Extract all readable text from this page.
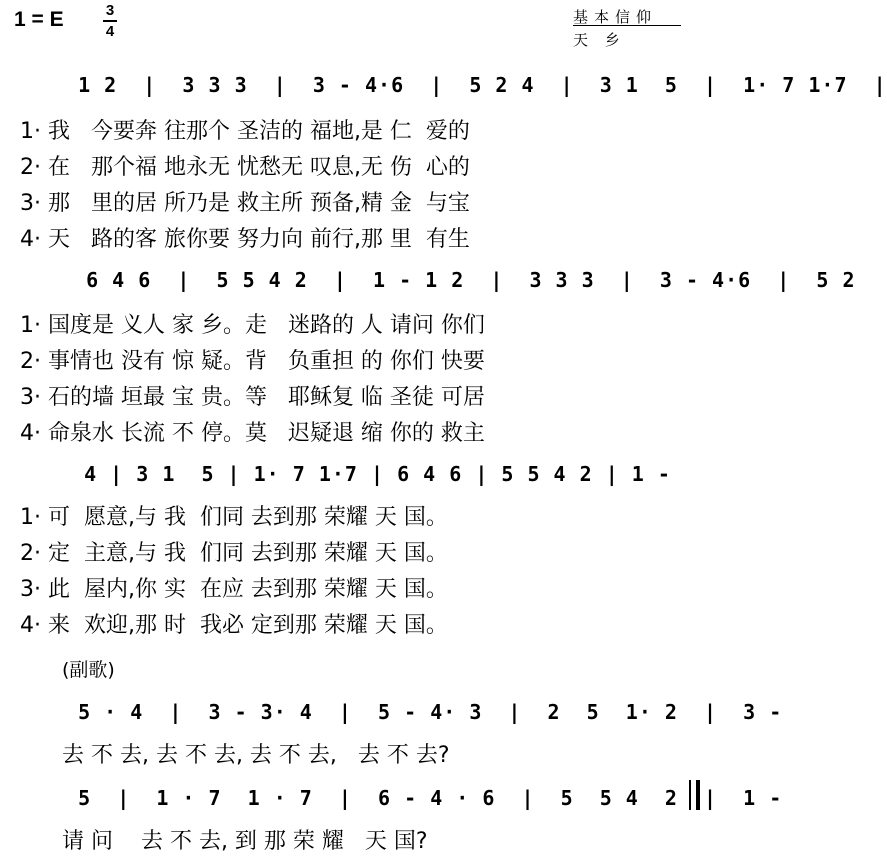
1 = E	3
4
基本信仰
天 乡
1 2  |  3 3 3  |  3 - 4·6  |  5 2 4  |  3 1  5  |  1· 7 1·7  |
1· 我   今要奔 往那个 圣洁的 福地,是 仁  爱的
2· 在   那个福 地永无 忧愁无 叹息,无 伤  心的
3· 那   里的居 所乃是 救主所 预备,精 金  与宝
4· 天   路的客 旅你要 努力向 前行,那 里  有生
6 4 6  |  5 5 4 2  |  1 - 1 2  |  3 3 3  |  3 - 4·6  |  5 2
1· 国度是 义人 家 乡。走   迷路的 人 请问 你们
2· 事情也 没有 惊 疑。背   负重担 的 你们 快要
3· 石的墙 垣最 宝 贵。等   耶稣复 临 圣徒 可居
4· 命泉水 长流 不 停。莫   迟疑退 缩 你的 救主
4 | 3 1  5 | 1· 7 1·7 | 6 4 6 | 5 5 4 2 | 1 -
1· 可  愿意,与 我  们同 去到那 荣耀 天 国。
2· 定  主意,与 我  们同 去到那 荣耀 天 国。
3· 此  屋内,你 实  在应 去到那 荣耀 天 国。
4· 来  欢迎,那 时  我必 定到那 荣耀 天 国。
(副歌)
5 · 4  |  3 - 3· 4  |  5 - 4· 3  |  2  5  1· 2  |  3 -
去 不 去, 去 不 去, 去 不 去,   去 不 去?
5  |  1 · 7  1 · 7  |  6 - 4 · 6  |  5  5 4  2  |  1 -
请 问    去 不 去, 到 那 荣 耀   天 国?
